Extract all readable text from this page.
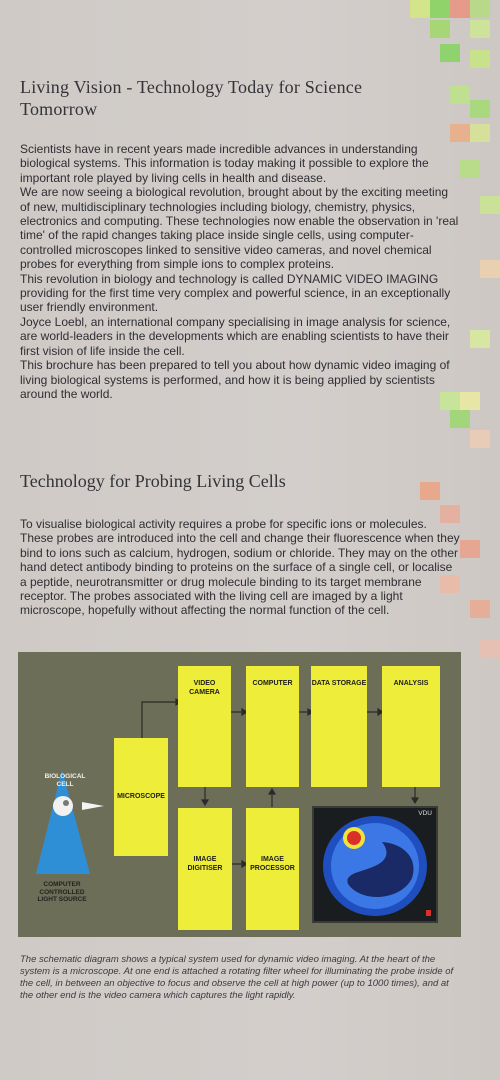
Living Vision - Technology Today for Science Tomorrow

Scientists have in recent years made incredible advances in understanding biological systems. This information is today making it possible to explore the important role played by living cells in health and disease.

We are now seeing a biological revolution, brought about by the exciting meeting of new, multidisciplinary technologies including biology, chemistry, physics, electronics and computing. These technologies now enable the observation in 'real time' of the rapid changes taking place inside single cells, using computer-controlled microscopes linked to sensitive video cameras, and novel chemical probes for everything from simple ions to complex proteins.

This revolution in biology and technology is called DYNAMIC VIDEO IMAGING providing for the first time very complex and powerful science, in an exceptionally user friendly environment.

Joyce Loebl, an international company specialising in image analysis for science, are world-leaders in the developments which are enabling scientists to have their first vision of life inside the cell.

This brochure has been prepared to tell you about how dynamic video imaging of living biological systems is performed, and how it is being applied by scientists around the world.

Technology for Probing Living Cells

To visualise biological activity requires a probe for specific ions or molecules. These probes are introduced into the cell and change their fluorescence when they bind to ions such as calcium, hydrogen, sodium or chloride. They may on the other hand detect antibody binding to proteins on the surface of a single cell, or localise a peptide, neurotransmitter or drug molecule binding to its target membrane receptor. The probes associated with the living cell are imaged by a light microscope, hopefully without affecting the normal function of the cell.

BIOLOGICAL CELL
COMPUTER CONTROLLED LIGHT SOURCE
MICROSCOPE
VIDEO CAMERA
COMPUTER	DATA STORAGE	ANALYSIS
IMAGE DIGITISER
IMAGE PROCESSOR
VDU
The schematic diagram shows a typical system used for dynamic video imaging. At the heart of the system is a microscope. At one end is attached a rotating filter wheel for illuminating the probe inside of the cell, in between an objective to focus and observe the cell at high power (up to 1000 times), and at the other end is the video camera which captures the light rapidly.
